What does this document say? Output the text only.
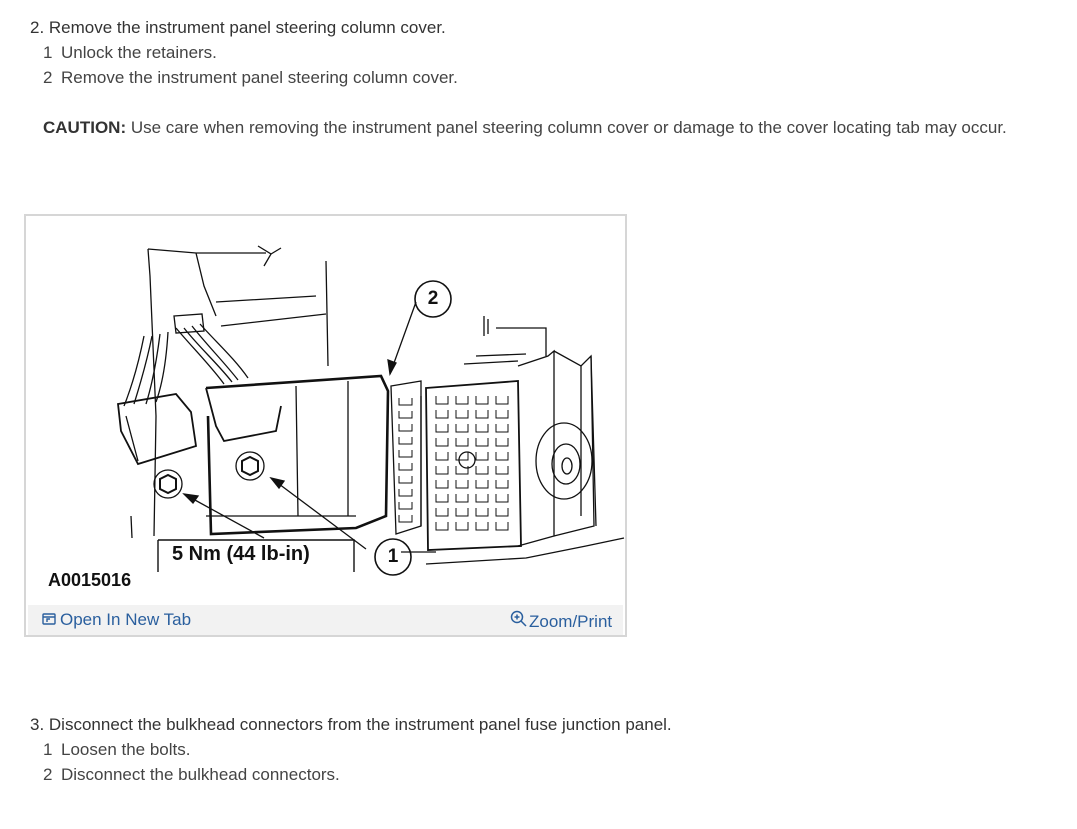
2. Remove the instrument panel steering column cover.
1 Unlock the retainers.
2 Remove the instrument panel steering column cover.
CAUTION: Use care when removing the instrument panel steering column cover or damage to the cover locating tab may occur.
2
1
5 Nm (44 lb-in)
A0015016
Open In New Tab	Zoom/Print
3. Disconnect the bulkhead connectors from the instrument panel fuse junction panel.
1 Loosen the bolts.
2 Disconnect the bulkhead connectors.
